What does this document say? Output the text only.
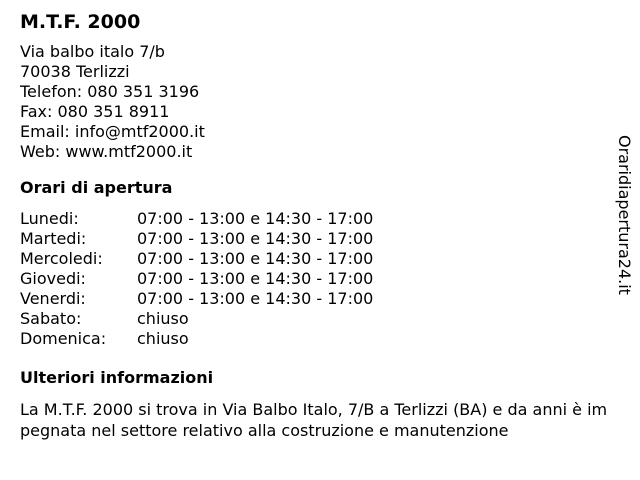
M.T.F. 2000
Via balbo italo 7/b
70038 Terlizzi
Telefon: 080 351 3196
Fax: 080 351 8911
Email: info@mtf2000.it
Web: www.mtf2000.it
Orari di apertura
Lunedi:	07:00 - 13:00 e 14:30 - 17:00
Martedi:	07:00 - 13:00 e 14:30 - 17:00
Mercoledi:	07:00 - 13:00 e 14:30 - 17:00
Giovedi:	07:00 - 13:00 e 14:30 - 17:00
Venerdi:	07:00 - 13:00 e 14:30 - 17:00
Sabato:	chiuso
Domenica:	chiuso
Ulteriori informazioni
La M.T.F. 2000 si trova in Via Balbo Italo, 7/B a Terlizzi (BA) e da anni è impegnata nel settore relativo alla costruzione e manutenzione
Oraridiapertura24.it
